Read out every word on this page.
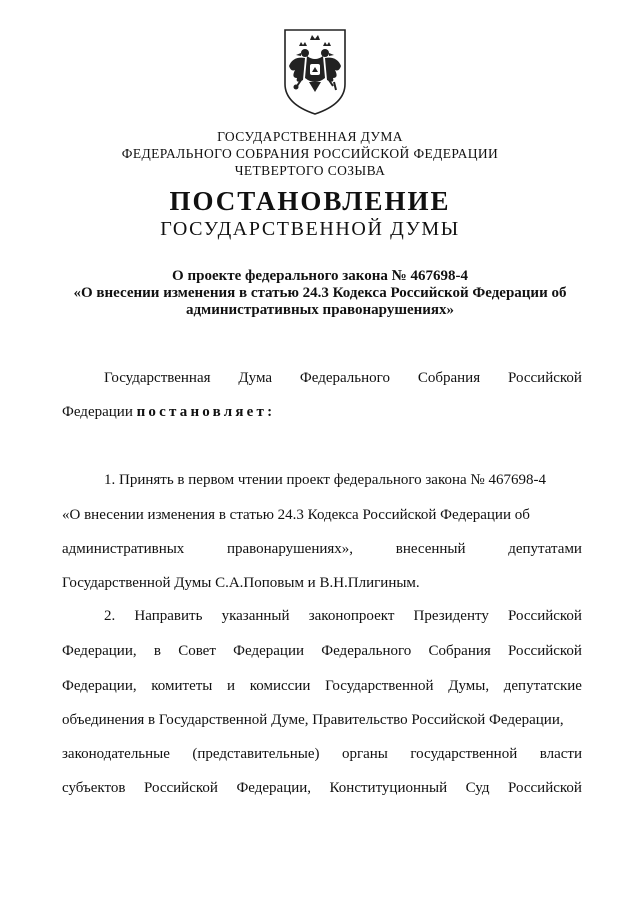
ГОСУДАРСТВЕННАЯ ДУМА
ФЕДЕРАЛЬНОГО СОБРАНИЯ РОССИЙСКОЙ ФЕДЕРАЦИИ
ЧЕТВЕРТОГО СОЗЫВА
ПОСТАНОВЛЕНИЕ
ГОСУДАРСТВЕННОЙ ДУМЫ
О проекте федерального закона № 467698-4
«О внесении изменения в статью 24.3 Кодекса Российской Федерации об
административных правонарушениях»
Государственная Дума Федерального Собрания Российской
Федерации постановляет:
1. Принять в первом чтении проект федерального закона № 467698-4
«О внесении изменения в статью 24.3 Кодекса Российской Федерации об
административных	правонарушениях»,	внесенный	депутатами
Государственной Думы С.А.Поповым и В.Н.Плигиным.
2. Направить указанный законопроект Президенту Российской
Федерации, в Совет Федерации Федерального Собрания Российской
Федерации, комитеты и комиссии Государственной Думы, депутатские
объединения в Государственной Думе, Правительство Российской Федерации,
законодательные (представительные) органы государственной власти
субъектов Российской Федерации, Конституционный Суд Российской
